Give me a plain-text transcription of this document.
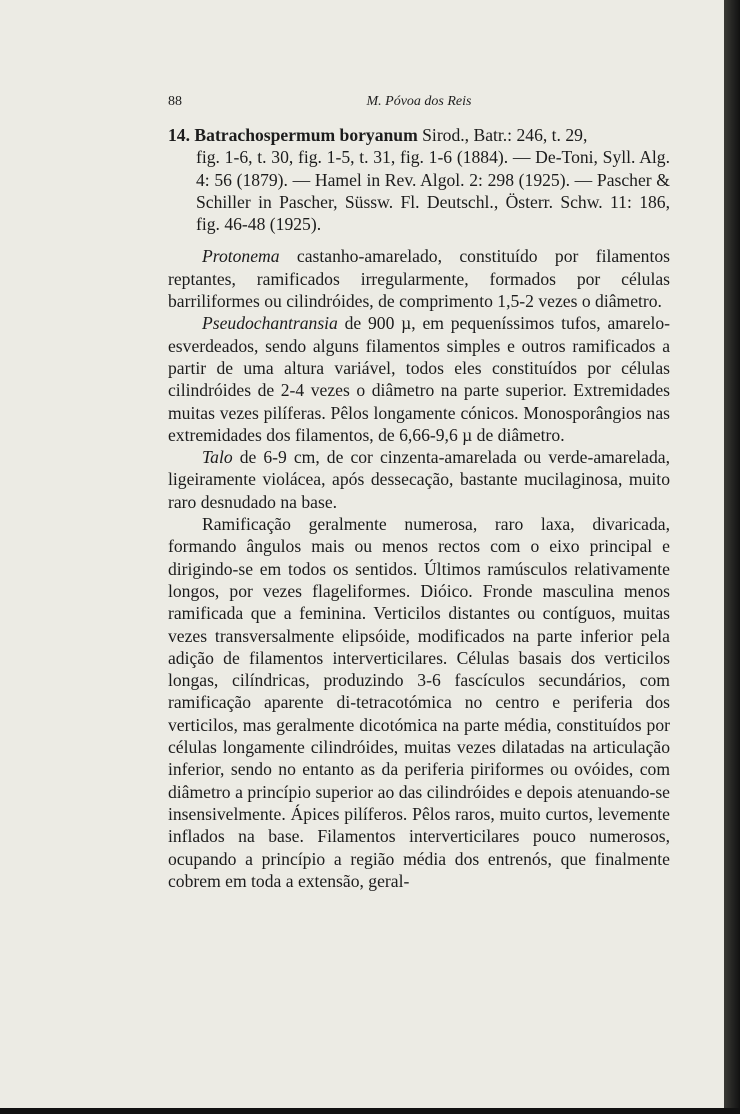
88	M. Póvoa dos Reis

14. Batrachospermum boryanum Sirod., Batr.: 246, t. 29,
fig. 1-6, t. 30, fig. 1-5, t. 31, fig. 1-6 (1884). — De-Toni, Syll. Alg. 4: 56 (1879). — Hamel in Rev. Algol. 2: 298 (1925). — Pascher & Schiller in Pascher, Süssw. Fl. Deutschl., Österr. Schw. 11: 186, fig. 46-48 (1925).

Protonema castanho-amarelado, constituído por filamentos reptantes, ramificados irregularmente, formados por células barriliformes ou cilindróides, de comprimento 1,5-2 vezes o diâmetro.

Pseudochantransia de 900 µ, em pequeníssimos tufos, amarelo-esverdeados, sendo alguns filamentos simples e outros ramificados a partir de uma altura variável, todos eles constituídos por células cilindróides de 2-4 vezes o diâmetro na parte superior. Extremidades muitas vezes pilíferas. Pêlos longamente cónicos. Monosporângios nas extremidades dos filamentos, de 6,66-9,6 µ de diâmetro.

Talo de 6-9 cm, de cor cinzenta-amarelada ou verde-amarelada, ligeiramente violácea, após dessecação, bastante mucilaginosa, muito raro desnudado na base.

Ramificação geralmente numerosa, raro laxa, divaricada, formando ângulos mais ou menos rectos com o eixo principal e dirigindo-se em todos os sentidos. Últimos ramúsculos relativamente longos, por vezes flageliformes. Dióico. Fronde masculina menos ramificada que a feminina. Verticilos distantes ou contíguos, muitas vezes transversalmente elipsóide, modificados na parte inferior pela adição de filamentos interverticilares. Células basais dos verticilos longas, cilíndricas, produzindo 3-6 fascículos secundários, com ramificação aparente di-tetracotómica no centro e periferia dos verticilos, mas geralmente dicotómica na parte média, constituídos por células longamente cilindróides, muitas vezes dilatadas na articulação inferior, sendo no entanto as da periferia piriformes ou ovóides, com diâmetro a princípio superior ao das cilindróides e depois atenuando-se insensivelmente. Ápices pilíferos. Pêlos raros, muito curtos, levemente inflados na base. Filamentos interverticilares pouco numerosos, ocupando a princípio a região média dos entrenós, que finalmente cobrem em toda a extensão, geral-
